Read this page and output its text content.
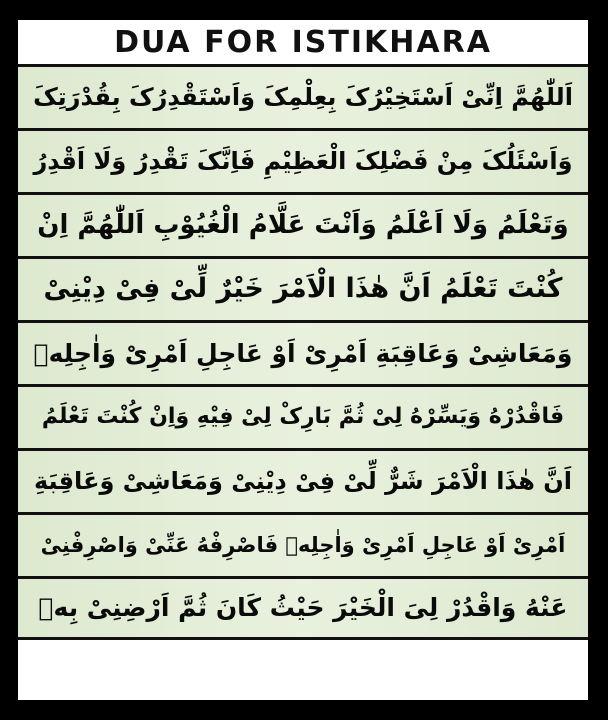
DUA FOR ISTIKHARA
اَللّٰهُمَّ اِنِّیْ اَسْتَخِیْرُکَ بِعِلْمِکَ وَاَسْتَقْدِرُکَ بِقُدْرَتِکَ
وَاَسْئَلُکَ مِنْ فَضْلِکَ الْعَظِیْمِ فَاِنَّکَ تَقْدِرُ وَلَا اَقْدِرُ
وَتَعْلَمُ وَلَا اَعْلَمُ وَاَنْتَ عَلَّامُ الْغُیُوْبِ اَللّٰهُمَّ اِنْ
کُنْتَ تَعْلَمُ اَنَّ هٰذَا الْاَمْرَ خَیْرٌ لِّیْ فِیْ دِیْنِیْ
وَمَعَاشِیْ وَعَاقِبَةِ اَمْرِیْ اَوْ عَاجِلِ اَمْرِیْ وَاٰجِلِهٖ
فَاقْدُرْهُ وَیَسِّرْهُ لِیْ ثُمَّ بَارِکْ لِیْ فِیْهِ وَاِنْ کُنْتَ تَعْلَمُ
اَنَّ هٰذَا الْاَمْرَ شَرٌّ لِّیْ فِیْ دِیْنِیْ وَمَعَاشِیْ وَعَاقِبَةِ
اَمْرِیْ اَوْ عَاجِلِ اَمْرِیْ وَاٰجِلِهٖ فَاصْرِفْهُ عَنِّیْ وَاصْرِفْنِیْ
عَنْهُ وَاقْدُرْ لِیَ الْخَیْرَ حَیْثُ کَانَ ثُمَّ اَرْضِنِیْ بِهٖ
